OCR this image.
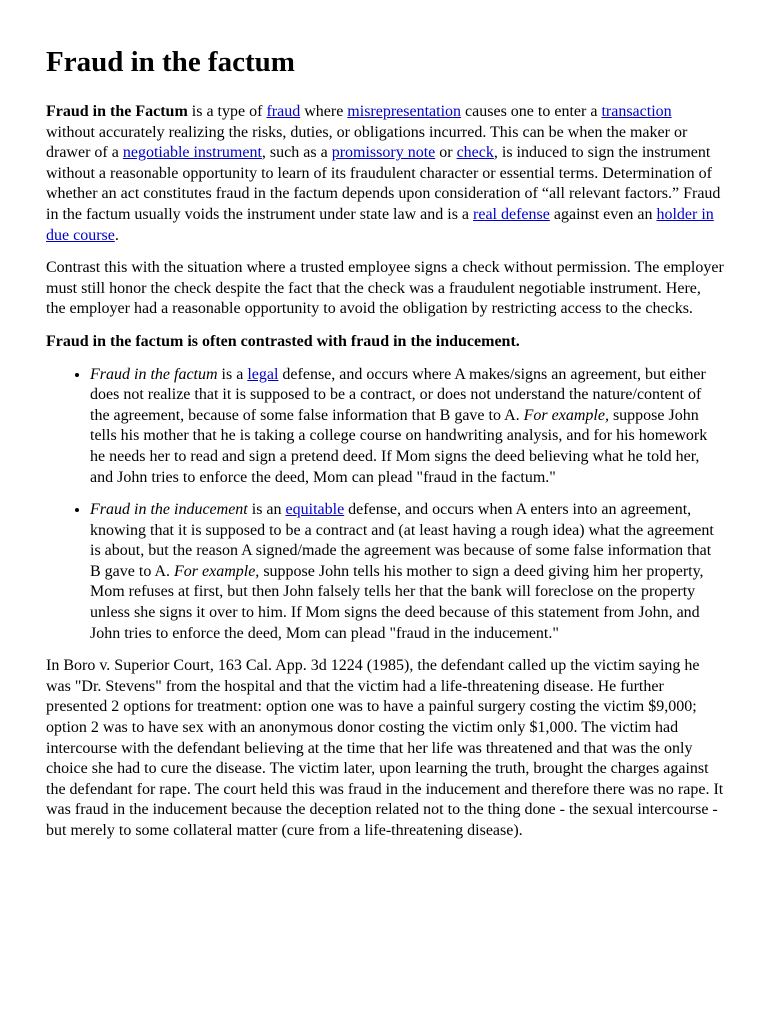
Fraud in the factum

Fraud in the Factum is a type of fraud where misrepresentation causes one to enter a transaction without accurately realizing the risks, duties, or obligations incurred. This can be when the maker or drawer of a negotiable instrument, such as a promissory note or check, is induced to sign the instrument without a reasonable opportunity to learn of its fraudulent character or essential terms. Determination of whether an act constitutes fraud in the factum depends upon consideration of “all relevant factors.” Fraud in the factum usually voids the instrument under state law and is a real defense against even an holder in due course.

Contrast this with the situation where a trusted employee signs a check without permission. The employer must still honor the check despite the fact that the check was a fraudulent negotiable instrument. Here, the employer had a reasonable opportunity to avoid the obligation by restricting access to the checks.

Fraud in the factum is often contrasted with fraud in the inducement.

• Fraud in the factum is a legal defense, and occurs where A makes/signs an agreement, but either does not realize that it is supposed to be a contract, or does not understand the nature/content of the agreement, because of some false information that B gave to A. For example, suppose John tells his mother that he is taking a college course on handwriting analysis, and for his homework he needs her to read and sign a pretend deed. If Mom signs the deed believing what he told her, and John tries to enforce the deed, Mom can plead "fraud in the factum."
• Fraud in the inducement is an equitable defense, and occurs when A enters into an agreement, knowing that it is supposed to be a contract and (at least having a rough idea) what the agreement is about, but the reason A signed/made the agreement was because of some false information that B gave to A. For example, suppose John tells his mother to sign a deed giving him her property, Mom refuses at first, but then John falsely tells her that the bank will foreclose on the property unless she signs it over to him. If Mom signs the deed because of this statement from John, and John tries to enforce the deed, Mom can plead "fraud in the inducement."

In Boro v. Superior Court, 163 Cal. App. 3d 1224 (1985), the defendant called up the victim saying he was "Dr. Stevens" from the hospital and that the victim had a life-threatening disease. He further presented 2 options for treatment: option one was to have a painful surgery costing the victim $9,000; option 2 was to have sex with an anonymous donor costing the victim only $1,000. The victim had intercourse with the defendant believing at the time that her life was threatened and that was the only choice she had to cure the disease. The victim later, upon learning the truth, brought the charges against the defendant for rape. The court held this was fraud in the inducement and therefore there was no rape. It was fraud in the inducement because the deception related not to the thing done - the sexual intercourse - but merely to some collateral matter (cure from a life-threatening disease).
